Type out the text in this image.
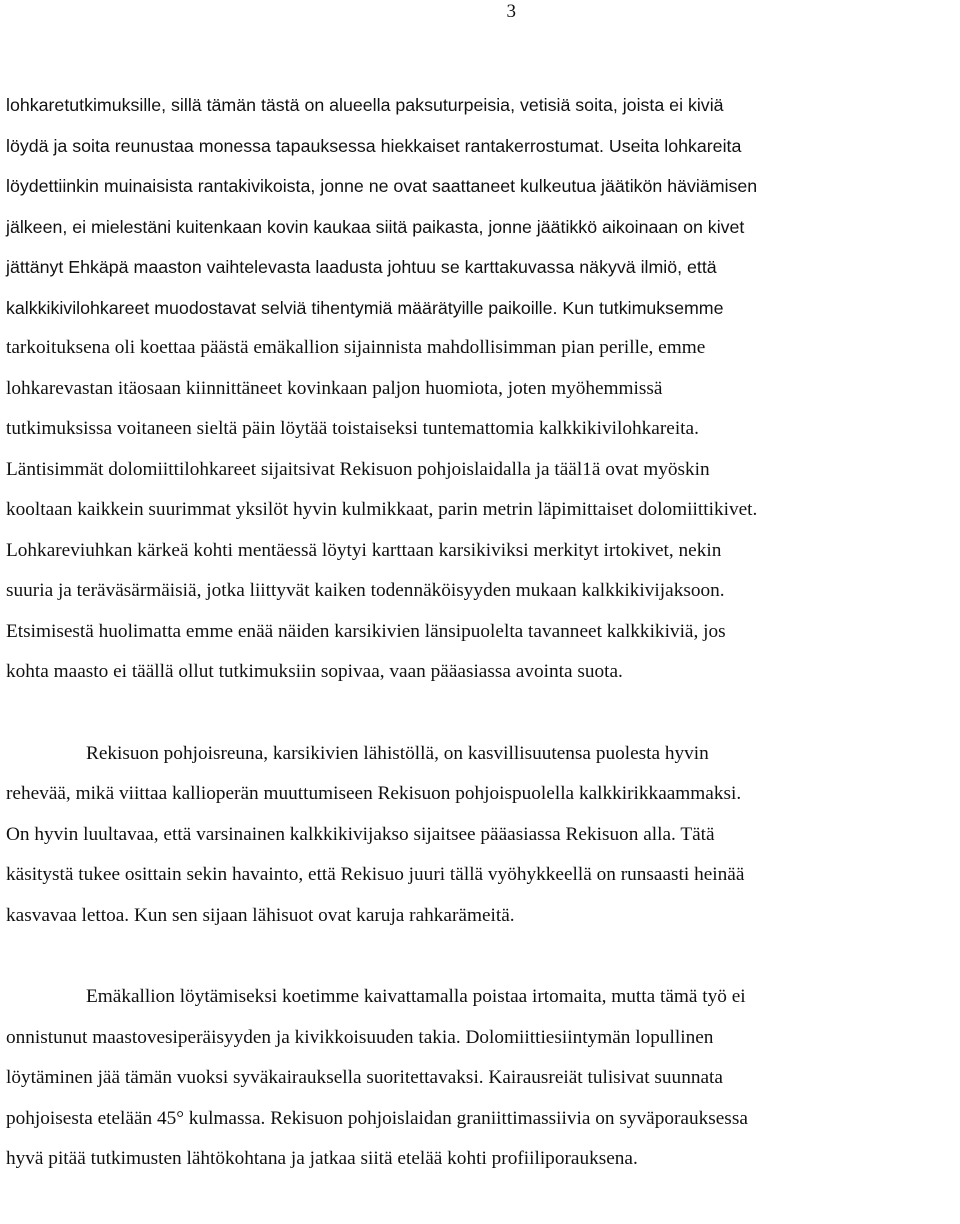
3
lohkaretutkimuksille, sillä tämän tästä on alueella paksuturpeisia, vetisiä soita, joista ei kiviä
löydä ja soita reunustaa monessa tapauksessa hiekkaiset rantakerrostumat. Useita lohkareita
löydettiinkin muinaisista rantakivikoista, jonne ne ovat saattaneet kulkeutua jäätikön häviämisen
jälkeen, ei mielestäni kuitenkaan kovin kaukaa siitä paikasta, jonne jäätikkö aikoinaan on kivet
jättänyt Ehkäpä maaston vaihtelevasta laadusta johtuu se karttakuvassa näkyvä ilmiö, että
kalkkikivilohkareet muodostavat selviä tihentymiä määrätyille paikoille. Kun tutkimuksemme
tarkoituksena oli koettaa päästä emäkallion sijainnista mahdollisimman pian perille, emme
lohkarevastan itäosaan kiinnittäneet kovinkaan paljon huomiota, joten myöhemmissä
tutkimuksissa voitaneen sieltä päin löytää toistaiseksi tuntemattomia kalkkikivilohkareita.
Läntisimmät dolomiittilohkareet sijaitsivat Rekisuon pohjoislaidalla ja tääl1ä ovat myöskin
kooltaan kaikkein suurimmat yksilöt hyvin kulmikkaat, parin metrin läpimittaiset dolomiittikivet.
Lohkareviuhkan kärkeä kohti mentäessä löytyi karttaan karsikiviksi merkityt irtokivet, nekin
suuria ja teräväsärmäisiä, jotka liittyvät kaiken todennäköisyyden mukaan kalkkikivijaksoon.
Etsimisestä huolimatta emme enää näiden karsikivien länsipuolelta tavanneet kalkkikiviä, jos
kohta maasto ei täällä ollut tutkimuksiin sopivaa, vaan pääasiassa avointa suota.
Rekisuon pohjoisreuna, karsikivien lähistöllä, on kasvillisuutensa puolesta hyvin
rehevää, mikä viittaa kallioperän muuttumiseen Rekisuon pohjoispuolella kalkkirikkaammaksi.
On hyvin luultavaa, että varsinainen kalkkikivijakso sijaitsee pääasiassa Rekisuon alla. Tätä
käsitystä tukee osittain sekin havainto, että Rekisuo juuri tällä vyöhykkeellä on runsaasti heinää
kasvavaa lettoa. Kun sen sijaan lähisuot ovat karuja rahkarämeitä.
Emäkallion löytämiseksi koetimme kaivattamalla poistaa irtomaita, mutta tämä työ ei
onnistunut maastovesiperäisyyden ja kivikkoisuuden takia. Dolomiittiesiintymän lopullinen
löytäminen jää tämän vuoksi syväkairauksella suoritettavaksi. Kairausreiät tulisivat suunnata
pohjoisesta etelään 45° kulmassa. Rekisuon pohjoislaidan graniittimassiivia on syväporauksessa
hyvä pitää tutkimusten lähtökohtana ja jatkaa siitä etelää kohti profiiliporauksena.
